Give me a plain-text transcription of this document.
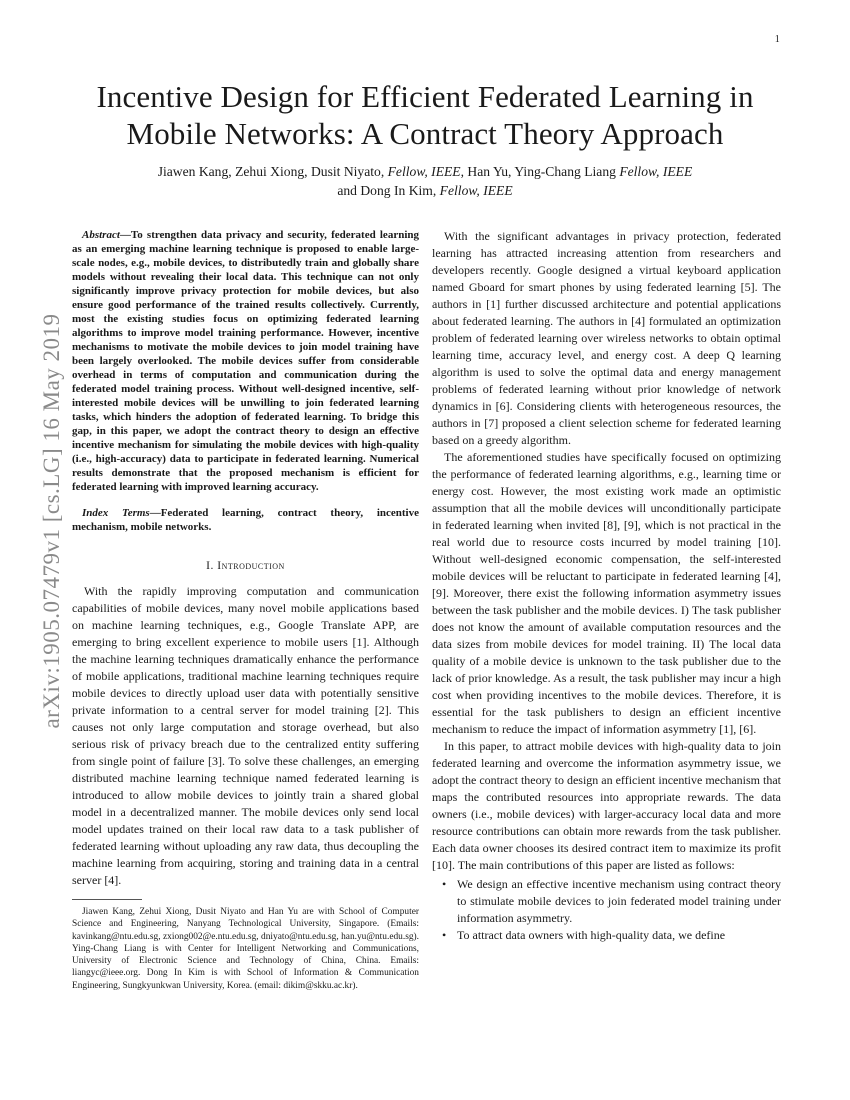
1
arXiv:1905.07479v1 [cs.LG] 16 May 2019
Incentive Design for Efficient Federated Learning in Mobile Networks: A Contract Theory Approach
Jiawen Kang, Zehui Xiong, Dusit Niyato, Fellow, IEEE, Han Yu, Ying-Chang Liang Fellow, IEEE
and Dong In Kim, Fellow, IEEE

Abstract—To strengthen data privacy and security, federated learning as an emerging machine learning technique is proposed to enable large-scale nodes, e.g., mobile devices, to distributedly train and globally share models without revealing their local data. This technique can not only significantly improve privacy protection for mobile devices, but also ensure good performance of the trained results collectively. Currently, most the existing studies focus on optimizing federated learning algorithms to improve model training performance. However, incentive mechanisms to motivate the mobile devices to join model training have been largely overlooked. The mobile devices suffer from considerable overhead in terms of computation and communication during the federated model training process. Without well-designed incentive, self-interested mobile devices will be unwilling to join federated learning tasks, which hinders the adoption of federated learning. To bridge this gap, in this paper, we adopt the contract theory to design an effective incentive mechanism for simulating the mobile devices with high-quality (i.e., high-accuracy) data to participate in federated learning. Numerical results demonstrate that the proposed mechanism is efficient for federated learning with improved learning accuracy.

Index Terms—Federated learning, contract theory, incentive mechanism, mobile networks.

I. Introduction

With the rapidly improving computation and communication capabilities of mobile devices, many novel mobile applications based on machine learning techniques, e.g., Google Translate APP, are emerging to bring excellent experience to mobile users [1]. Although the machine learning techniques dramatically enhance the performance of mobile applications, traditional machine learning techniques require mobile devices to directly upload user data with potentially sensitive private information to a central server for model training [2]. This causes not only large computation and storage overhead, but also serious risk of privacy breach due to the centralized entity suffering from single point of failure [3]. To solve these challenges, an emerging distributed machine learning technique named federated learning is introduced to allow mobile devices to jointly train a shared global model in a decentralized manner. The mobile devices only send local model updates trained on their local raw data to a task publisher of federated learning without uploading any raw data, thus decoupling the machine learning from acquiring, storing and training data in a central server [4].

Jiawen Kang, Zehui Xiong, Dusit Niyato and Han Yu are with School of Computer Science and Engineering, Nanyang Technological University, Singapore. (Emails: kavinkang@ntu.edu.sg, zxiong002@e.ntu.edu.sg, dniyato@ntu.edu.sg, han.yu@ntu.edu.sg). Ying-Chang Liang is with Center for Intelligent Networking and Communications, University of Electronic Science and Technology of China, China. Emails: liangyc@ieee.org. Dong In Kim is with School of Information & Communication Engineering, Sungkyunkwan University, Korea. (email: dikim@skku.ac.kr).

With the significant advantages in privacy protection, federated learning has attracted increasing attention from researchers and developers recently. Google designed a virtual keyboard application named Gboard for smart phones by using federated learning [5]. The authors in [1] further discussed architecture and potential applications about federated learning. The authors in [4] formulated an optimization problem of federated learning over wireless networks to obtain optimal learning time, accuracy level, and energy cost. A deep Q learning algorithm is used to solve the optimal data and energy management problems of federated learning without prior knowledge of network dynamics in [6]. Considering clients with heterogeneous resources, the authors in [7] proposed a client selection scheme for federated learning based on a greedy algorithm.

The aforementioned studies have specifically focused on optimizing the performance of federated learning algorithms, e.g., learning time or energy cost. However, the most existing work made an optimistic assumption that all the mobile devices will unconditionally participate in federated learning when invited [8], [9], which is not practical in the real world due to resource costs incurred by model training [10]. Without well-designed economic compensation, the self-interested mobile devices will be reluctant to participate in federated learning [4], [9]. Moreover, there exist the following information asymmetry issues between the task publisher and the mobile devices. I) The task publisher does not know the amount of available computation resources and the data sizes from mobile devices for model training. II) The local data quality of a mobile device is unknown to the task publisher due to the lack of prior knowledge. As a result, the task publisher may incur a high cost when providing incentives to the mobile devices. Therefore, it is essential for the task publishers to design an efficient incentive mechanism to reduce the impact of information asymmetry [1], [6].

In this paper, to attract mobile devices with high-quality data to join federated learning and overcome the information asymmetry issue, we adopt the contract theory to design an efficient incentive mechanism that maps the contributed resources into appropriate rewards. The data owners (i.e., mobile devices) with larger-accuracy local data and more resource contributions can obtain more rewards from the task publisher. Each data owner chooses its desired contract item to maximize its profit [10]. The main contributions of this paper are listed as follows:

• We design an effective incentive mechanism using contract theory to stimulate mobile devices to join federated model training under information asymmetry.
• To attract data owners with high-quality data, we define
